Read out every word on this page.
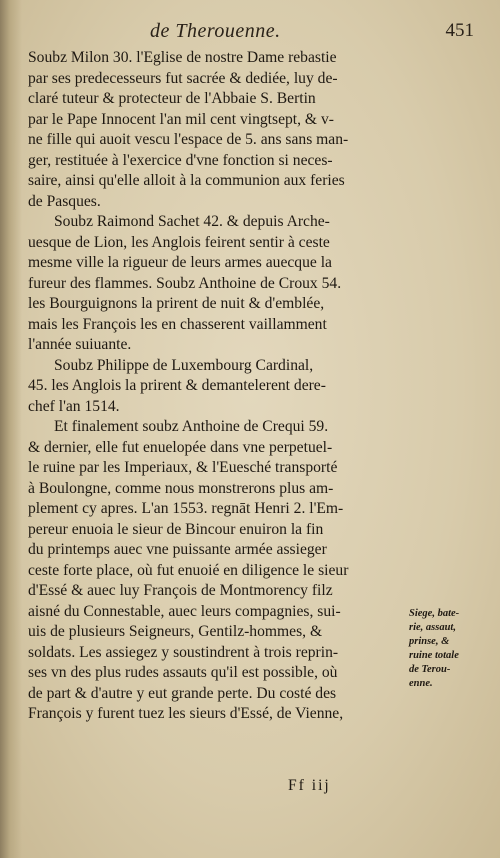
de Therouenne.	451
Soubz Milon 30. l'Eglise de nostre Dame rebastie
par ses predecesseurs fut sacrée & dediée, luy de-
claré tuteur & protecteur de l'Abbaie S. Bertin
par le Pape Innocent l'an mil cent vingtsept, & v-
ne fille qui auoit vescu l'espace de 5. ans sans man-
ger, restituée à l'exercice d'vne fonction si neces-
saire, ainsi qu'elle alloit à la communion aux feries
de Pasques.
Soubz Raimond Sachet 42. & depuis Arche-
uesque de Lion, les Anglois feirent sentir à ceste
mesme ville la rigueur de leurs armes auecque la
fureur des flammes. Soubz Anthoine de Croux 54.
les Bourguignons la prirent de nuit & d'emblée,
mais les François les en chasserent vaillamment
l'année suiuante.
Soubz Philippe de Luxembourg Cardinal,
45. les Anglois la prirent & demantelerent dere-
chef l'an 1514.
Et finalement soubz Anthoine de Crequi 59.
& dernier, elle fut enuelopée dans vne perpetuel-
le ruine par les Imperiaux, & l'Euesché transporté
à Boulongne, comme nous monstrerons plus am-
plement cy apres. L'an 1553. regnāt Henri 2. l'Em-
pereur enuoia le sieur de Bincour enuiron la fin
du printemps auec vne puissante armée assieger
ceste forte place, où fut enuoié en diligence le sieur
d'Essé & auec luy François de Montmorency filz
aisné du Connestable, auec leurs compagnies, sui-
uis de plusieurs Seigneurs, Gentilz-hommes, &
soldats. Les assiegez y soustindrent à trois reprin-
ses vn des plus rudes assauts qu'il est possible, où
de part & d'autre y eut grande perte. Du costé des
François y furent tuez les sieurs d'Essé, de Vienne,
Siege, bate-
rie, assaut,
prinse, &
ruine totale
de Terou-
enne.
Ff iij
